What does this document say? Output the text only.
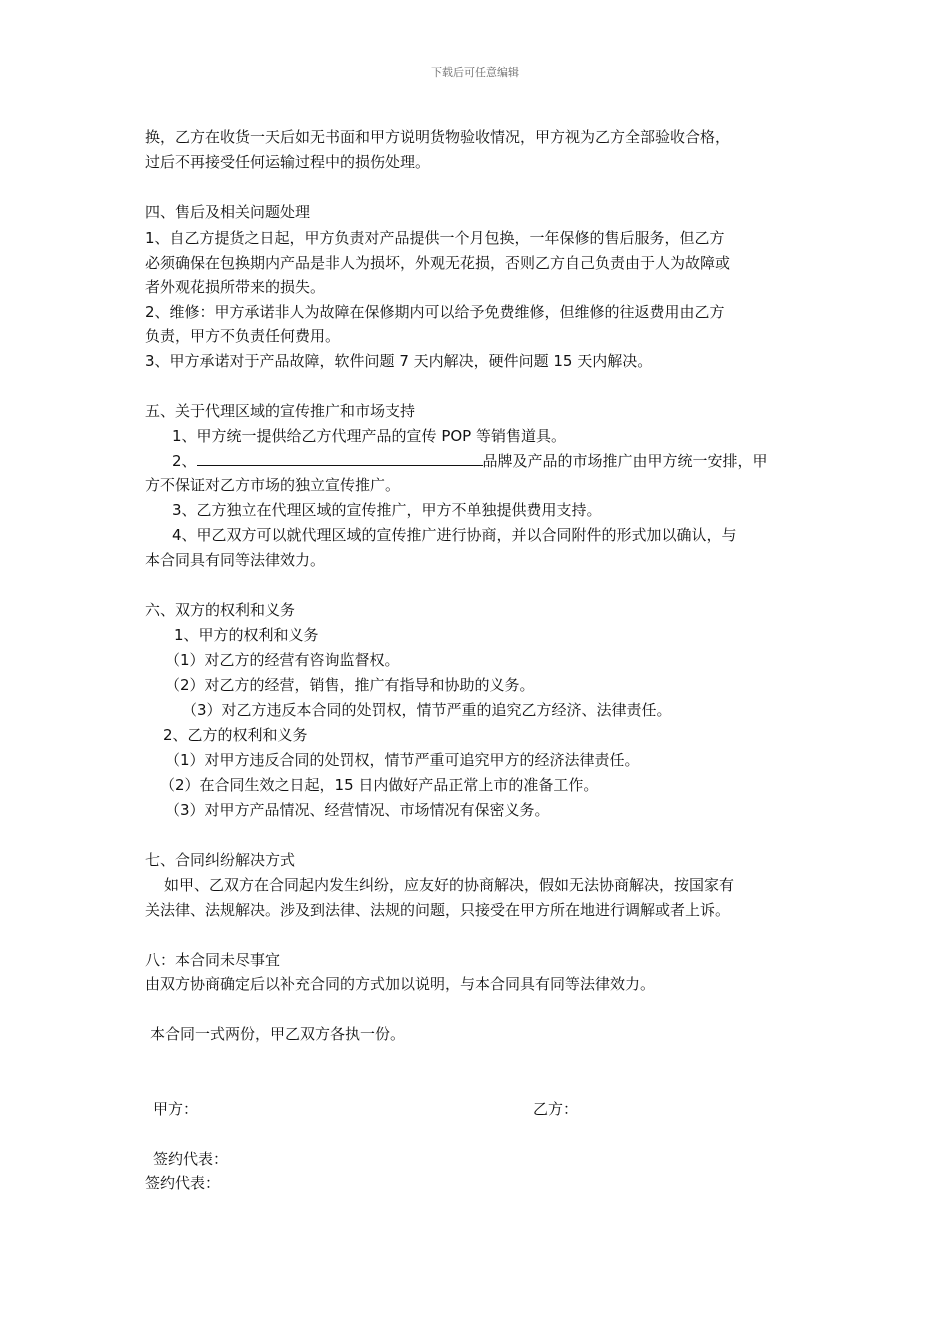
下载后可任意编辑
换，乙方在收货一天后如无书面和甲方说明货物验收情况，甲方视为乙方全部验收合格，
过后不再接受任何运输过程中的损伤处理。
四、售后及相关问题处理
1、自乙方提货之日起，甲方负责对产品提供一个月包换，一年保修的售后服务，但乙方
必须确保在包换期内产品是非人为损坏，外观无花损，否则乙方自己负责由于人为故障或
者外观花损所带来的损失。
2、维修：甲方承诺非人为故障在保修期内可以给予免费维修，但维修的往返费用由乙方
负责，甲方不负责任何费用。
3、甲方承诺对于产品故障，软件问题 7 天内解决，硬件问题 15 天内解决。
五、关于代理区域的宣传推广和市场支持
1、甲方统一提供给乙方代理产品的宣传 POP 等销售道具。
2、	品牌及产品的市场推广由甲方统一安排，甲
方不保证对乙方市场的独立宣传推广。
3、乙方独立在代理区域的宣传推广，甲方不单独提供费用支持。
4、甲乙双方可以就代理区域的宣传推广进行协商，并以合同附件的形式加以确认，与
本合同具有同等法律效力。
六、双方的权利和义务
1、甲方的权利和义务
（1）对乙方的经营有咨询监督权。
（2）对乙方的经营，销售，推广有指导和协助的义务。
（3）对乙方违反本合同的处罚权，情节严重的追究乙方经济、法律责任。
2、乙方的权利和义务
（1）对甲方违反合同的处罚权，情节严重可追究甲方的经济法律责任。
（2）在合同生效之日起，15 日内做好产品正常上市的准备工作。
（3）对甲方产品情况、经营情况、市场情况有保密义务。
七、合同纠纷解决方式
如甲、乙双方在合同起内发生纠纷，应友好的协商解决，假如无法协商解决，按国家有
关法律、法规解决。涉及到法律、法规的问题，只接受在甲方所在地进行调解或者上诉。
八：本合同未尽事宜
由双方协商确定后以补充合同的方式加以说明，与本合同具有同等法律效力。
本合同一式两份，甲乙双方各执一份。
甲方：	乙方：
签约代表：
签约代表：
